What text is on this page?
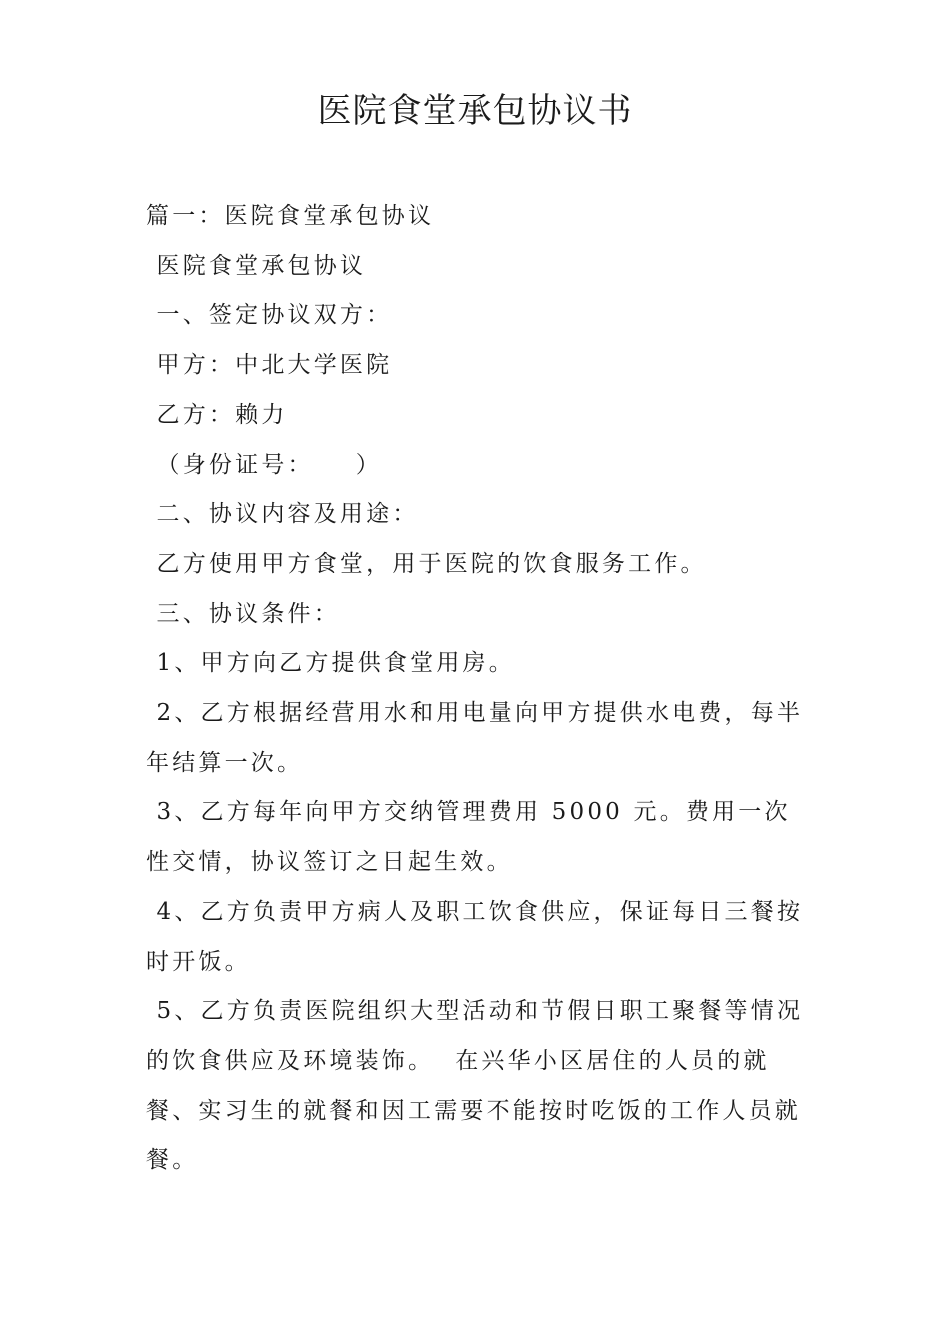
医院食堂承包协议书

篇一：医院食堂承包协议

医院食堂承包协议

一、签定协议双方：

甲方：中北大学医院

乙方：赖力

（身份证号：    ）

二、协议内容及用途：

乙方使用甲方食堂，用于医院的饮食服务工作。

三、协议条件：

1、甲方向乙方提供食堂用房。

2、乙方根据经营用水和用电量向甲方提供水电费，每半年结算一次。

3、乙方每年向甲方交纳管理费用 5000 元。费用一次性交情，协议签订之日起生效。

4、乙方负责甲方病人及职工饮食供应，保证每日三餐按时开饭。

5、乙方负责医院组织大型活动和节假日职工聚餐等情况的饮食供应及环境装饰。  在兴华小区居住的人员的就餐、实习生的就餐和因工需要不能按时吃饭的工作人员就餐。
